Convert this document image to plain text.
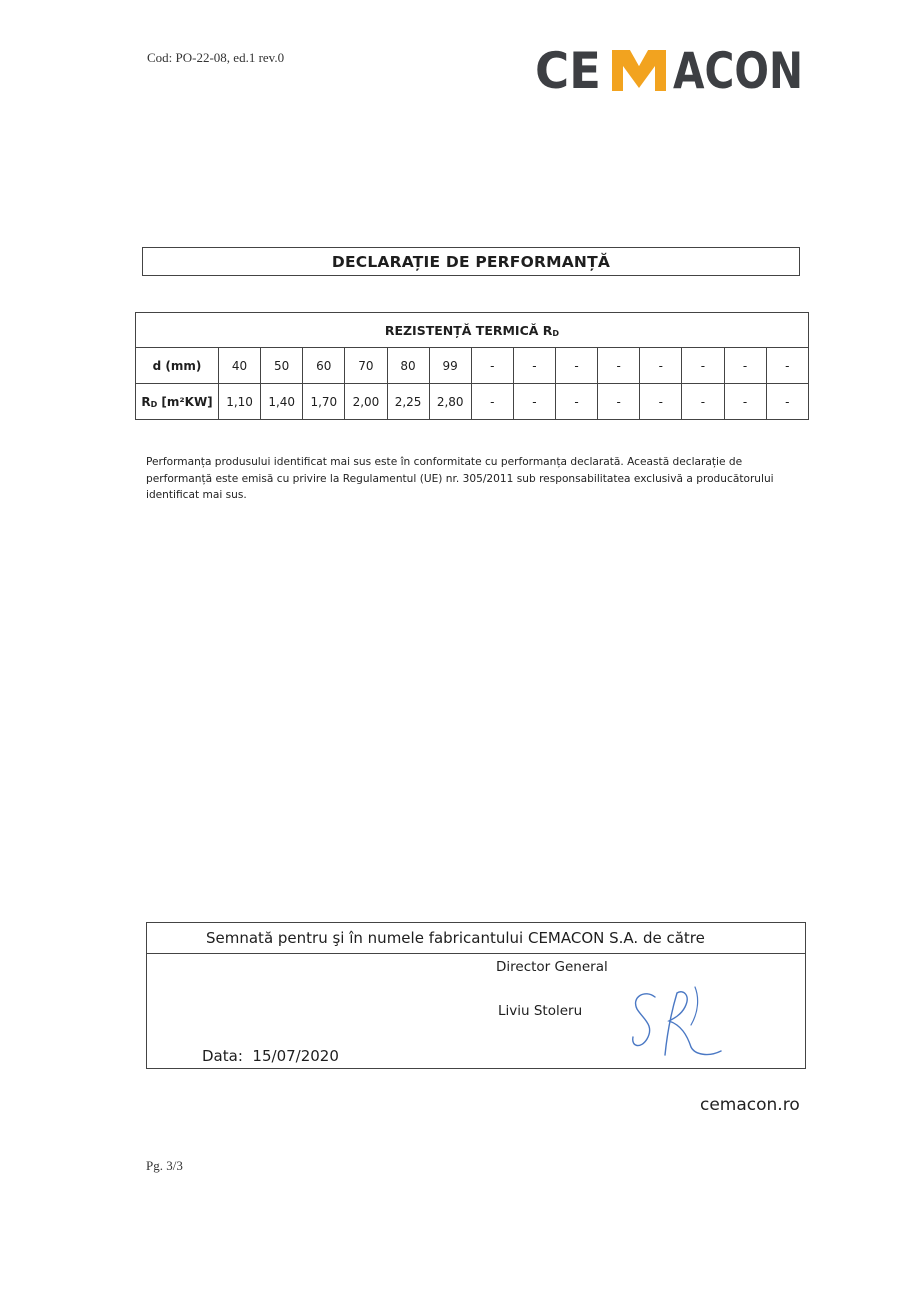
Cod: PO-22-08, ed.1 rev.0	CE ACON
DECLARAȚIE DE PERFORMANȚĂ
REZISTENȚĂ TERMICĂ RD
d (mm)	40	50	60	70	80	99	-	-	-	-	-	-	-	-
RD [m²KW]	1,10	1,40	1,70	2,00	2,25	2,80	-	-	-	-	-	-	-	-
Performanța produsului identificat mai sus este în conformitate cu performanța declarată. Această declarație de performanță este emisă cu privire la Regulamentul (UE) nr. 305/2011 sub responsabilitatea exclusivă a producătorului identificat mai sus.
Semnată pentru şi în numele fabricantului CEMACON S.A. de către
Director General
Liviu Stoleru
Data: 15/07/2020
cemacon.ro
Pg. 3/3
